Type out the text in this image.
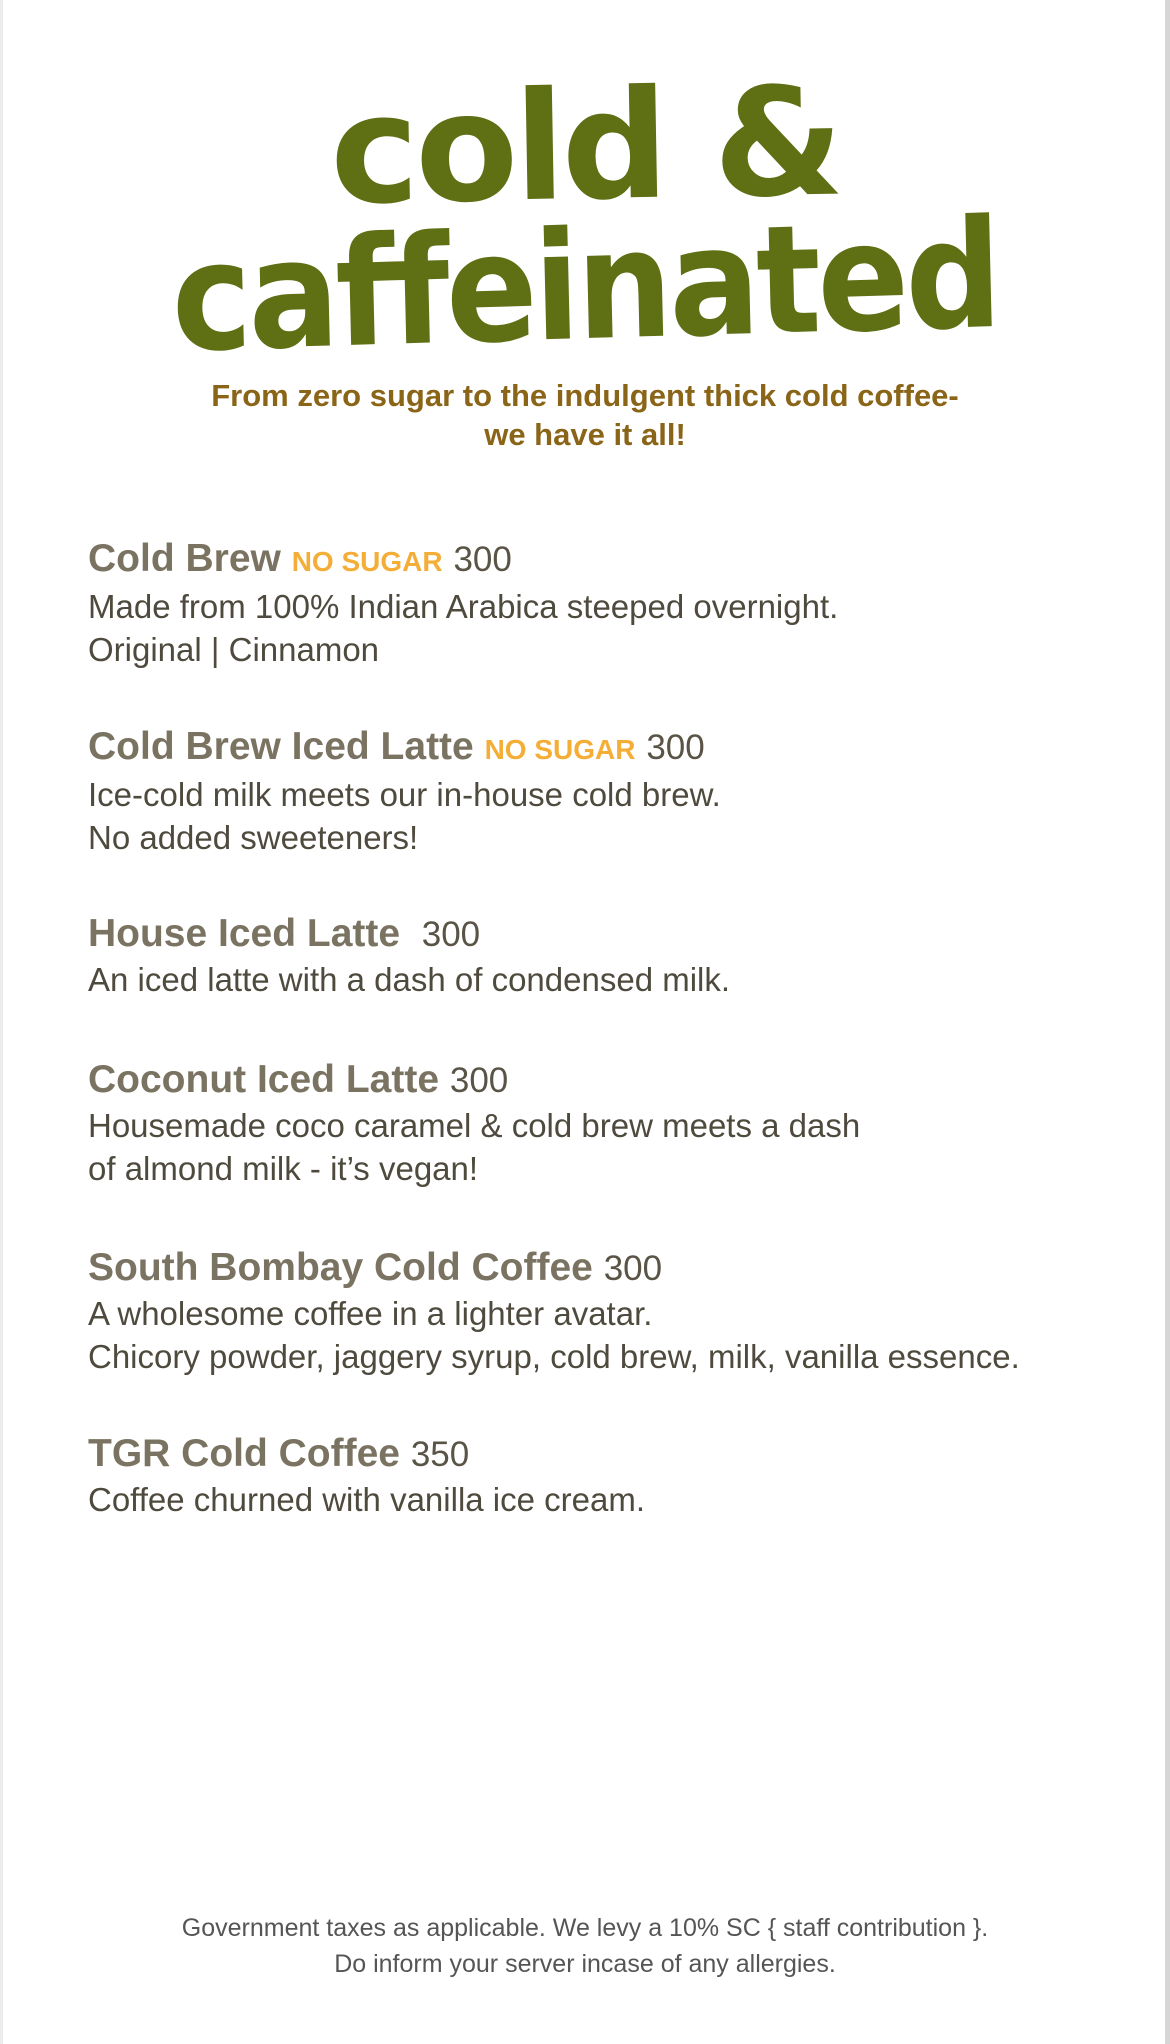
cold &
caffeinated
From zero sugar to the indulgent thick cold coffee-
we have it all!
Cold Brew NO SUGAR 300
Made from 100% Indian Arabica steeped overnight.
Original | Cinnamon
Cold Brew Iced Latte NO SUGAR 300
Ice-cold milk meets our in-house cold brew.
No added sweeteners!
House Iced Latte 300
An iced latte with a dash of condensed milk.
Coconut Iced Latte 300
Housemade coco caramel & cold brew meets a dash
of almond milk - it’s vegan!
South Bombay Cold Coffee 300
A wholesome coffee in a lighter avatar.
Chicory powder, jaggery syrup, cold brew, milk, vanilla essence.
TGR Cold Coffee 350
Coffee churned with vanilla ice cream.
Government taxes as applicable. We levy a 10% SC { staff contribution }.
Do inform your server incase of any allergies.
